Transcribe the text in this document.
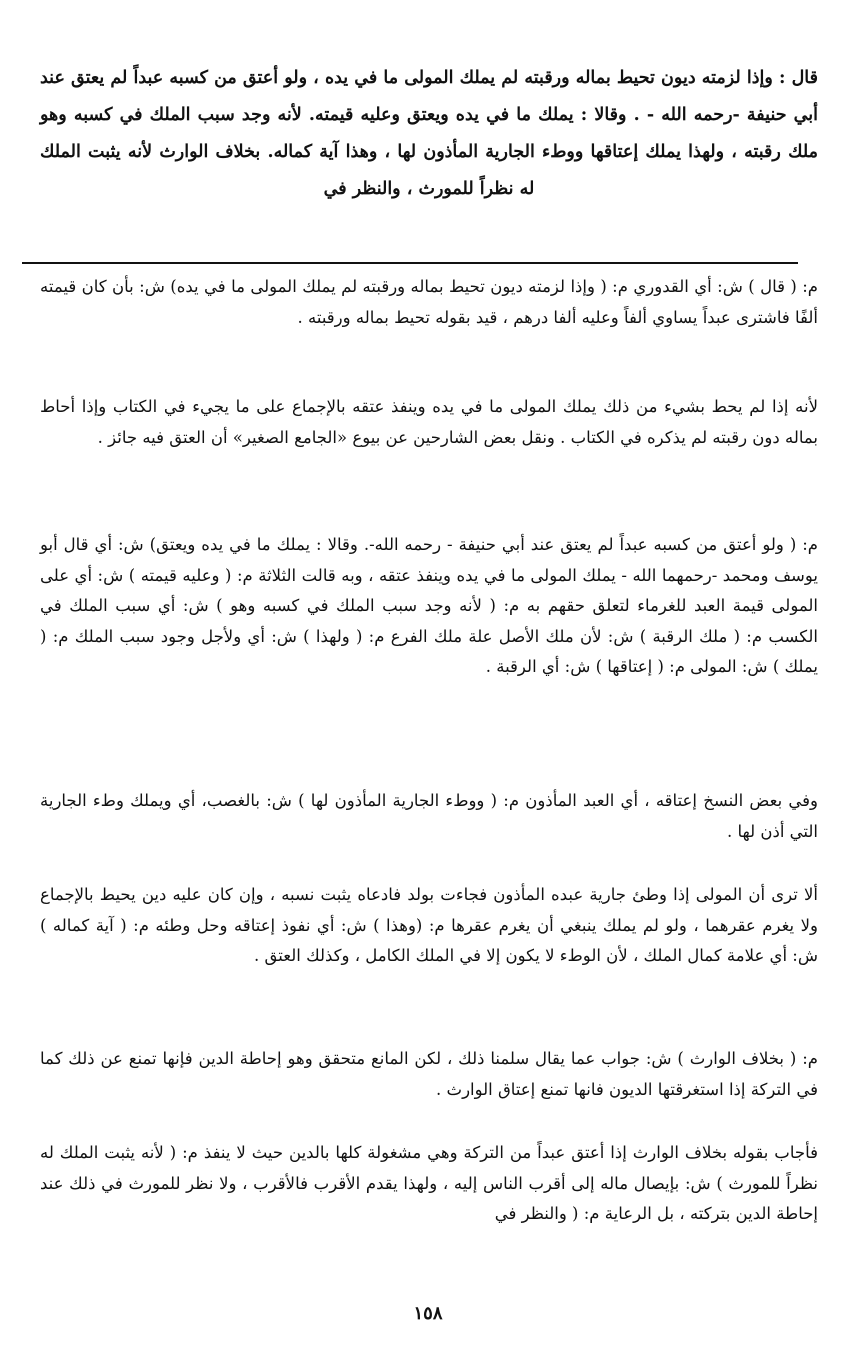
قال : وإذا لزمته ديون تحيط بماله ورقبته لم يملك المولى ما في يده ، ولو أعتق من كسبه عبداً لم يعتق عند أبي حنيفة -رحمه الله - . وقالا : يملك ما في يده ويعتق وعليه قيمته. لأنه وجد سبب الملك في كسبه وهو ملك رقبته ، ولهذا يملك إعتاقها ووطء الجارية المأذون لها ، وهذا آية كماله. بخلاف الوارث لأنه يثبت الملك له نظراً للمورث ، والنظر في
م: ( قال ) ش: أي القدوري م: ( وإذا لزمته ديون تحيط بماله ورقبته لم يملك المولى ما في يده) ش: بأن كان قيمته ألفًا فاشترى عبداً يساوي ألفاً وعليه ألفا درهم ، قيد بقوله تحيط بماله ورقبته .
لأنه إذا لم يحط بشيء من ذلك يملك المولى ما في يده وينفذ عتقه بالإجماع على ما يجيء في الكتاب وإذا أحاط بماله دون رقبته لم يذكره في الكتاب . ونقل بعض الشارحين عن بيوع «الجامع الصغير» أن العتق فيه جائز .
م: ( ولو أعتق من كسبه عبداً لم يعتق عند أبي حنيفة - رحمه الله-. وقالا : يملك ما في يده ويعتق) ش: أي قال أبو يوسف ومحمد -رحمهما الله - يملك المولى ما في يده وينفذ عتقه ، وبه قالت الثلاثة م: ( وعليه قيمته ) ش: أي على المولى قيمة العبد للغرماء لتعلق حقهم به م: ( لأنه وجد سبب الملك في كسبه وهو ) ش: أي سبب الملك في الكسب م: ( ملك الرقبة ) ش: لأن ملك الأصل علة ملك الفرع م: ( ولهذا ) ش: أي ولأجل وجود سبب الملك م: ( يملك ) ش: المولى م: ( إعتاقها ) ش: أي الرقبة .
وفي بعض النسخ إعتاقه ، أي العبد المأذون م: ( ووطء الجارية المأذون لها ) ش: بالغصب، أي ويملك وطء الجارية التي أذن لها .
ألا ترى أن المولى إذا وطئ جارية عبده المأذون فجاءت بولد فادعاه يثبت نسبه ، وإن كان عليه دين يحيط بالإجماع ولا يغرم عقرهما ، ولو لم يملك ينبغي أن يغرم عقرها م: (وهذا ) ش: أي نفوذ إعتاقه وحل وطئه م: ( آية كماله ) ش: أي علامة كمال الملك ، لأن الوطء لا يكون إلا في الملك الكامل ، وكذلك العتق .
م: ( بخلاف الوارث ) ش: جواب عما يقال سلمنا ذلك ، لكن المانع متحقق وهو إحاطة الدين فإنها تمنع عن ذلك كما في التركة إذا استغرقتها الديون فانها تمنع إعتاق الوارث .
فأجاب بقوله بخلاف الوارث إذا أعتق عبداً من التركة وهي مشغولة كلها بالدين حيث لا ينفذ م: ( لأنه يثبت الملك له نظراً للمورث ) ش: بإيصال ماله إلى أقرب الناس إليه ، ولهذا يقدم الأقرب فالأقرب ، ولا نظر للمورث في ذلك عند إحاطة الدين بتركته ، بل الرعاية م: ( والنظر في
١٥٨
